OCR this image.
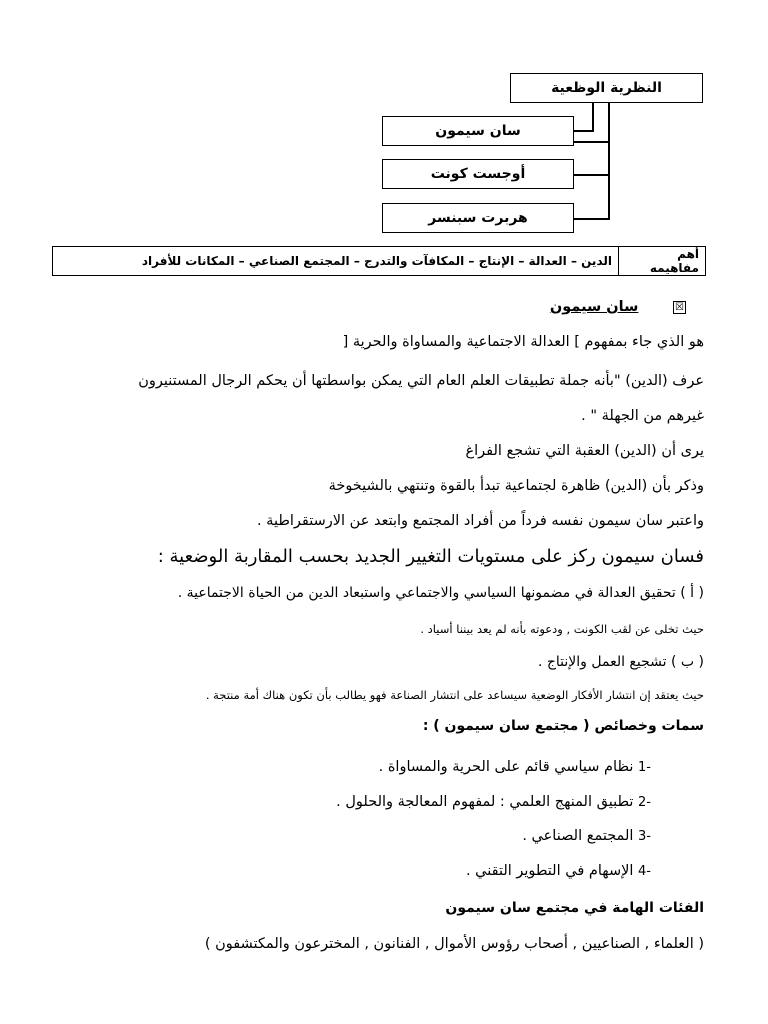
النظرية الوظعية
سان سيمون
أوجست كونت
هربرت سبنسر
أهم مفاهيمه	الدين – العدالة – الإنتاج – المكافآت والتدرج – المجتمع الصناعي – المكانات للأفراد
☒ سان سيمون
هو الذي جاء بمفهوم ] العدالة الاجتماعية والمساواة والحرية [
عرف (الدين) "بأنه جملة تطبيقات العلم العام التي يمكن بواسطتها أن يحكم الرجال المستنيرون
غيرهم من الجهلة " .
يرى أن (الدين) العقبة التي تشجع الفراغ
وذكر بأن (الدين) ظاهرة لجتماعية تبدأ بالقوة وتنتهي بالشيخوخة
واعتبر سان سيمون نفسه فرداً من أفراد المجتمع وابتعد عن الارستقراطية .
فسان سيمون ركز على مستويات التغيير الجديد بحسب المقاربة الوضعية :
( أ ) تحقيق العدالة في مضمونها السياسي والاجتماعي واستبعاد الدين من الحياة الاجتماعية .
حيث تخلى عن لقب الكونت , ودعوته بأنه لم يعد بيننا أسياد .
( ب ) تشجيع العمل والإنتاج .
حيث يعتقد إن انتشار الأفكار الوضعية سيساعد على انتشار الصناعة فهو يطالب بأن تكون هناك أمة منتجة .
سمات وخصائص ( مجتمع سان سيمون ) :
-1 نظام سياسي قائم على الحرية والمساواة .
-2 تطبيق المنهج العلمي : لمفهوم المعالجة والحلول .
-3 المجتمع الصناعي .
-4 الإسهام في التطوير التقني .
الفئات الهامة في مجتمع سان سيمون
( العلماء , الصناعيين , أصحاب رؤوس الأموال , الفنانون , المخترعون والمكتشفون )
